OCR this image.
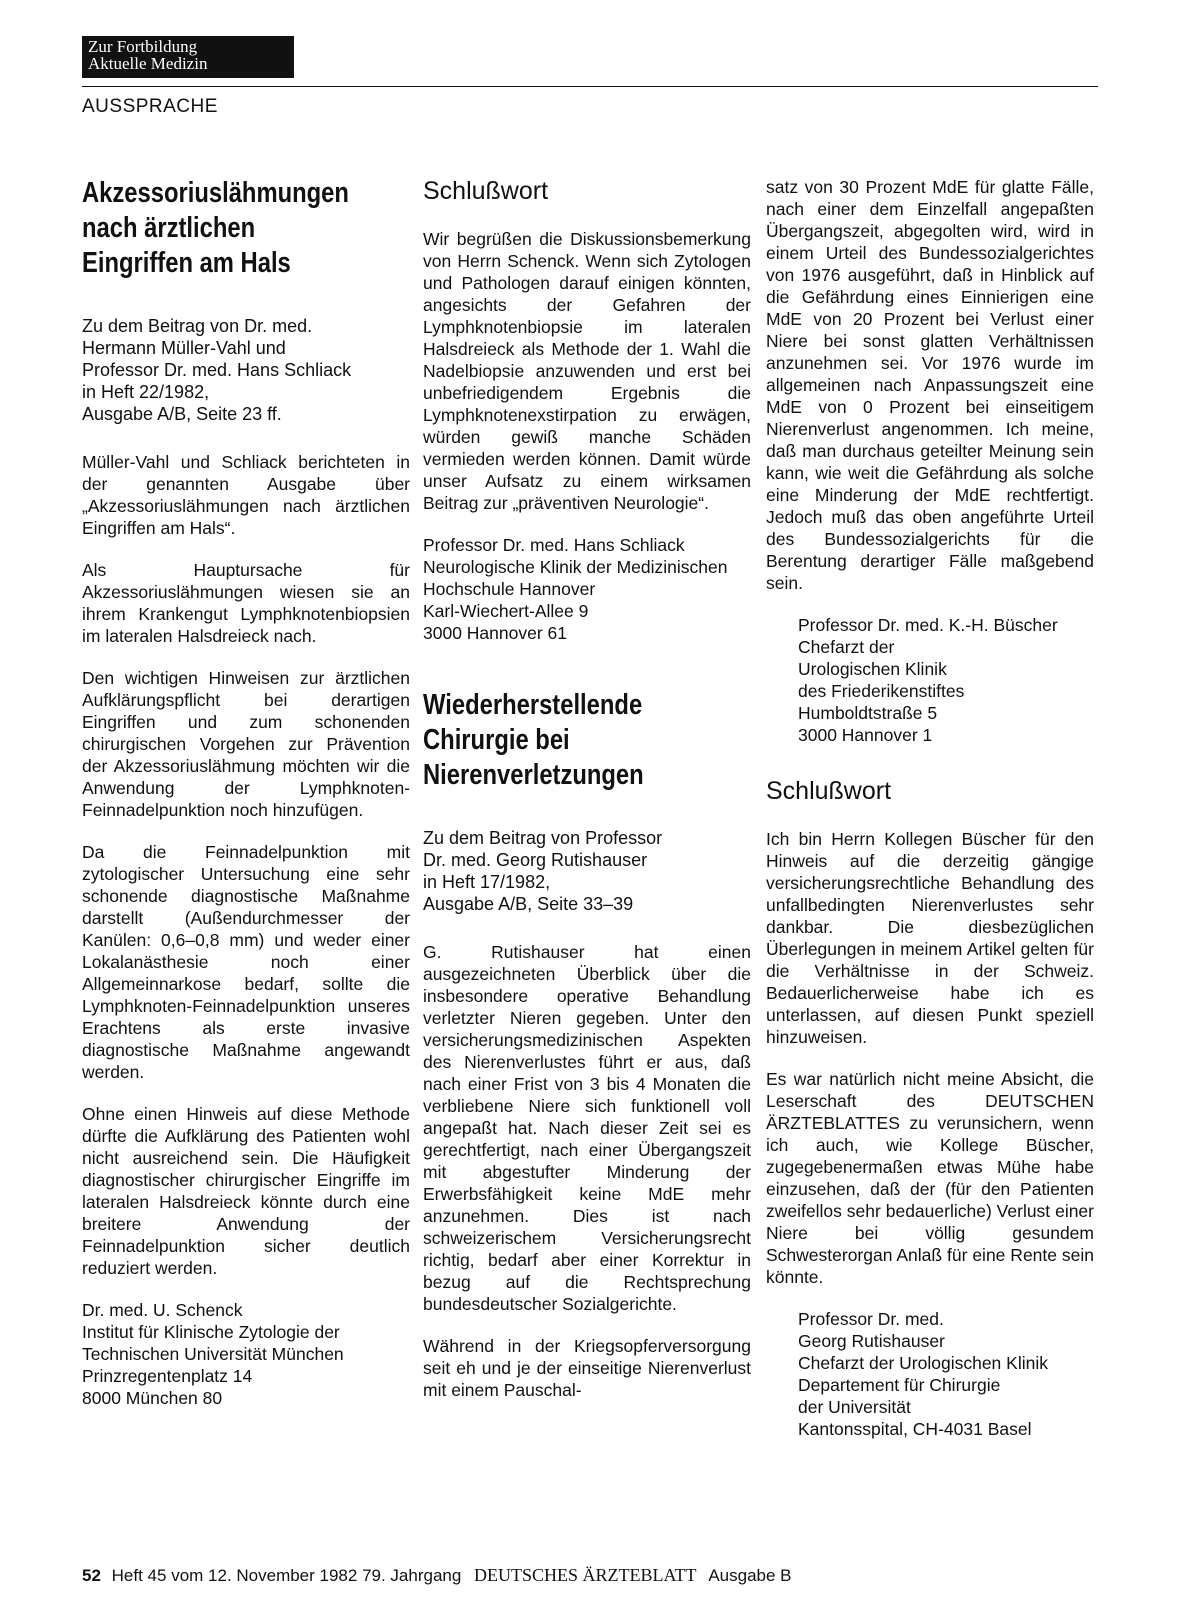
Zur Fortbildung
Aktuelle Medizin
AUSSPRACHE
Akzessoriuslähmungen
nach ärztlichen
Eingriffen am Hals
Zu dem Beitrag von Dr. med.
Hermann Müller-Vahl und
Professor Dr. med. Hans Schliack
in Heft 22/1982,
Ausgabe A/B, Seite 23 ff.

Müller-Vahl und Schliack berichteten in der genannten Ausgabe über „Akzessoriuslähmungen nach ärztlichen Eingriffen am Hals“.

Als Hauptursache für Akzessoriuslähmungen wiesen sie an ihrem Krankengut Lymphknotenbiopsien im lateralen Halsdreieck nach.

Den wichtigen Hinweisen zur ärztlichen Aufklärungspflicht bei derartigen Eingriffen und zum schonenden chirurgischen Vorgehen zur Prävention der Akzessoriuslähmung möchten wir die Anwendung der Lymphknoten-Feinnadelpunktion noch hinzufügen.

Da die Feinnadelpunktion mit zytologischer Untersuchung eine sehr schonende diagnostische Maßnahme darstellt (Außendurchmesser der Kanülen: 0,6–0,8 mm) und weder einer Lokalanästhesie noch einer Allgemeinnarkose bedarf, sollte die Lymphknoten-Feinnadelpunktion unseres Erachtens als erste invasive diagnostische Maßnahme angewandt werden.

Ohne einen Hinweis auf diese Methode dürfte die Aufklärung des Patienten wohl nicht ausreichend sein. Die Häufigkeit diagnostischer chirurgischer Eingriffe im lateralen Halsdreieck könnte durch eine breitere Anwendung der Feinnadelpunktion sicher deutlich reduziert werden.

Dr. med. U. Schenck
Institut für Klinische Zytologie der
Technischen Universität München
Prinzregentenplatz 14
8000 München 80
Schlußwort

Wir begrüßen die Diskussionsbemerkung von Herrn Schenck. Wenn sich Zytologen und Pathologen darauf einigen könnten, angesichts der Gefahren der Lymphknotenbiopsie im lateralen Halsdreieck als Methode der 1. Wahl die Nadelbiopsie anzuwenden und erst bei unbefriedigendem Ergebnis die Lymphknotenexstirpation zu erwägen, würden gewiß manche Schäden vermieden werden können. Damit würde unser Aufsatz zu einem wirksamen Beitrag zur „präventiven Neurologie“.

Professor Dr. med. Hans Schliack
Neurologische Klinik der Medizinischen Hochschule Hannover
Karl-Wiechert-Allee 9
3000 Hannover 61
Wiederherstellende
Chirurgie bei
Nierenverletzungen
Zu dem Beitrag von Professor
Dr. med. Georg Rutishauser
in Heft 17/1982,
Ausgabe A/B, Seite 33–39

G. Rutishauser hat einen ausgezeichneten Überblick über die insbesondere operative Behandlung verletzter Nieren gegeben. Unter den versicherungsmedizinischen Aspekten des Nierenverlustes führt er aus, daß nach einer Frist von 3 bis 4 Monaten die verbliebene Niere sich funktionell voll angepaßt hat. Nach dieser Zeit sei es gerechtfertigt, nach einer Übergangszeit mit abgestufter Minderung der Erwerbsfähigkeit keine MdE mehr anzunehmen. Dies ist nach schweizerischem Versicherungsrecht richtig, bedarf aber einer Korrektur in bezug auf die Rechtsprechung bundesdeutscher Sozialgerichte.

Während in der Kriegsopferversorgung seit eh und je der einseitige Nierenverlust mit einem Pauschal-

satz von 30 Prozent MdE für glatte Fälle, nach einer dem Einzelfall angepaßten Übergangszeit, abgegolten wird, wird in einem Urteil des Bundessozialgerichtes von 1976 ausgeführt, daß in Hinblick auf die Gefährdung eines Einnierigen eine MdE von 20 Prozent bei Verlust einer Niere bei sonst glatten Verhältnissen anzunehmen sei. Vor 1976 wurde im allgemeinen nach Anpassungszeit eine MdE von 0 Prozent bei einseitigem Nierenverlust angenommen. Ich meine, daß man durchaus geteilter Meinung sein kann, wie weit die Gefährdung als solche eine Minderung der MdE rechtfertigt. Jedoch muß das oben angeführte Urteil des Bundessozialgerichts für die Berentung derartiger Fälle maßgebend sein.

Professor Dr. med. K.-H. Büscher
Chefarzt der
Urologischen Klinik
des Friederikenstiftes
Humboldtstraße 5
3000 Hannover 1
Schlußwort

Ich bin Herrn Kollegen Büscher für den Hinweis auf die derzeitig gängige versicherungsrechtliche Behandlung des unfallbedingten Nierenverlustes sehr dankbar. Die diesbezüglichen Überlegungen in meinem Artikel gelten für die Verhältnisse in der Schweiz. Bedauerlicherweise habe ich es unterlassen, auf diesen Punkt speziell hinzuweisen.

Es war natürlich nicht meine Absicht, die Leserschaft des DEUTSCHEN ÄRZTEBLATTES zu verunsichern, wenn ich auch, wie Kollege Büscher, zugegebenermaßen etwas Mühe habe einzusehen, daß der (für den Patienten zweifellos sehr bedauerliche) Verlust einer Niere bei völlig gesundem Schwesterorgan Anlaß für eine Rente sein könnte.

Professor Dr. med.
Georg Rutishauser
Chefarzt der Urologischen Klinik
Departement für Chirurgie
der Universität
Kantonsspital, CH-4031 Basel
52 Heft 45 vom 12. November 1982 79. Jahrgang DEUTSCHES ÄRZTEBLATT Ausgabe B
